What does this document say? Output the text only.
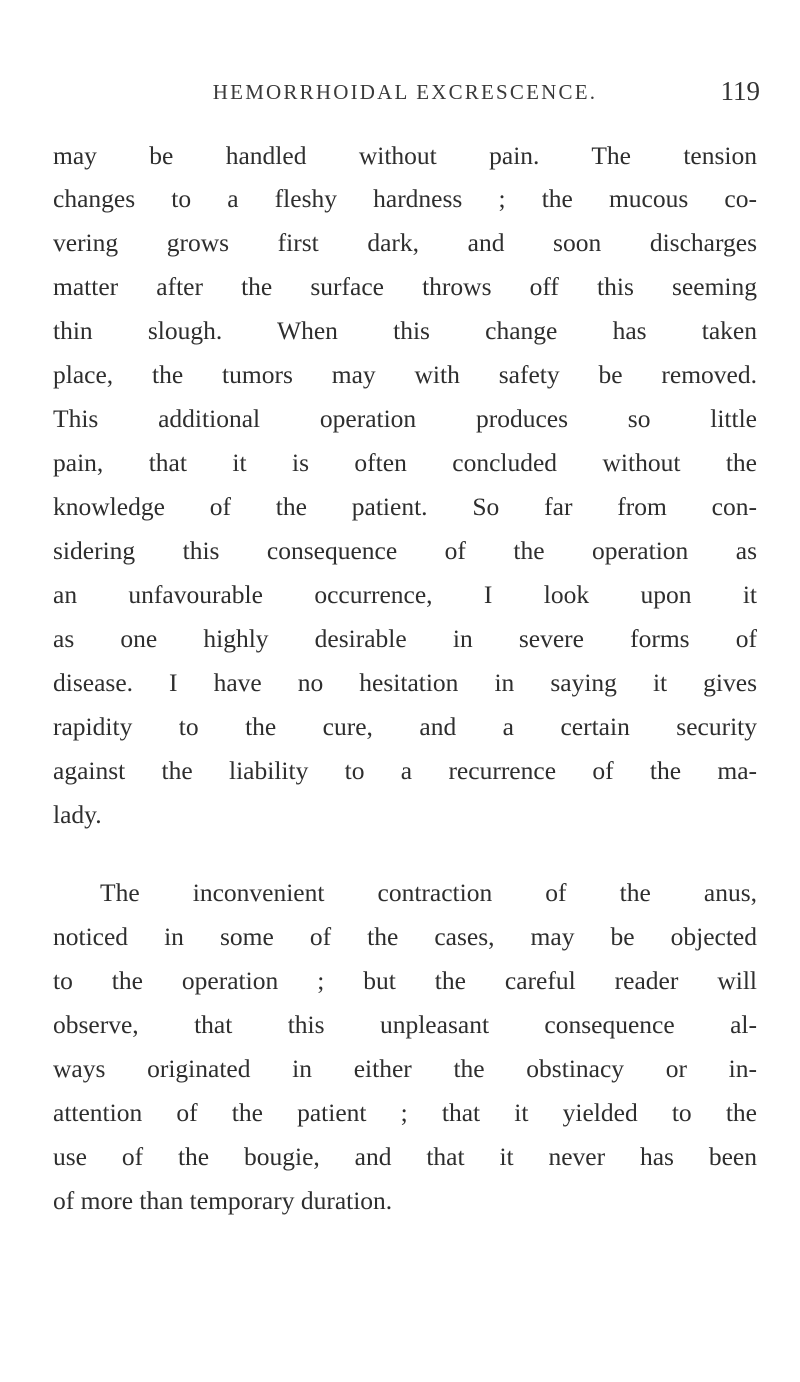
HEMORRHOIDAL EXCRESCENCE.	119
may be handled without pain. The tension
changes to a fleshy hardness ; the mucous co-
vering grows first dark, and soon discharges
matter after the surface throws off this seeming
thin slough. When this change has taken
place, the tumors may with safety be removed.
This additional operation produces so little
pain, that it is often concluded without the
knowledge of the patient. So far from con-
sidering this consequence of the operation as
an unfavourable occurrence, I look upon it
as one highly desirable in severe forms of
disease. I have no hesitation in saying it gives
rapidity to the cure, and a certain security
against the liability to a recurrence of the ma-
lady.
The inconvenient contraction of the anus,
noticed in some of the cases, may be objected
to the operation ; but the careful reader will
observe, that this unpleasant consequence al-
ways originated in either the obstinacy or in-
attention of the patient ; that it yielded to the
use of the bougie, and that it never has been
of more than temporary duration.
